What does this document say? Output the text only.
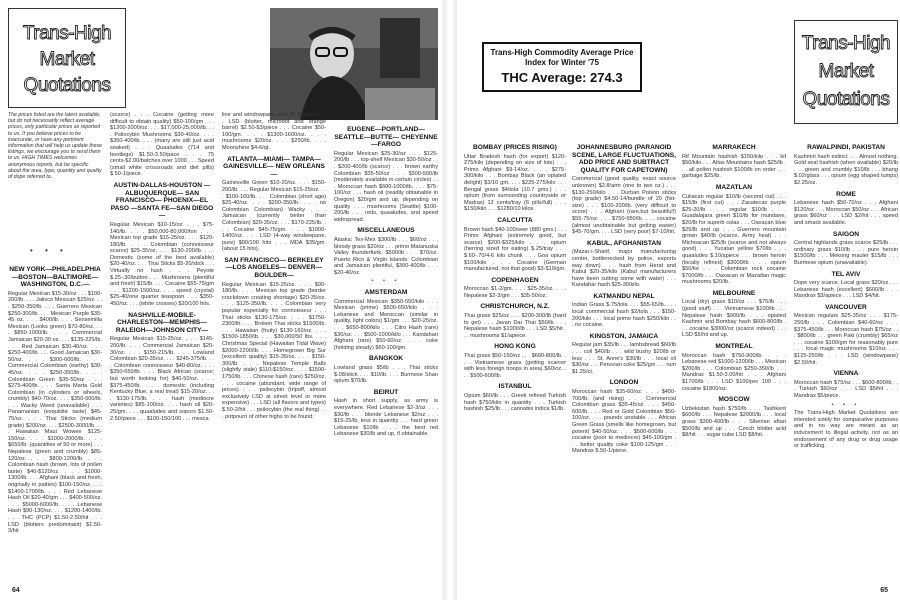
Trans-High
Market
Quotations

The prices listed are the latest available, but do not necessarily reflect average prices, only particular prices as reported to us. If you believe prices to be inaccurate, or have any pertinent information that will help us update these listings, we encourage you to send them to us. HIGH TIMES welcomes anonymous reports, but be specific about the area, type, quantity and quality of dope referred to.

• • •
NEW YORK—PHILADELPHIA —BOSTON—BALTIMORE— WASHINGTON, D.C.—
Regular Mexican $15-30/oz . . . $100-200/lb. . . . Jalisco Mexican $25/oz. . . . $250-350/lb. . . . Guerrero Mexican $250-300/lb. . . . Mexican Purple $35-45 oz. . . . $400/lb. . . . Sensemilla Mexican (Looks green) $70-80/oz. . . . $850-1000/lb. . . . Commercial Jamaican $20-30 oz. . . . $135-225/lb. . . . Red Jamaican $30-40/oz. . . . $250-400/lb. . . . Good Jamaican $30-50/oz. . . . $300-600/lb. . . . Commercial Colombian (earthy) $30-45/oz. . . . $250-350/lb. . . . Colombian Green $35-50/oz . . . $275-400/lb. . . . Santa Marta Gold Colombian (in cylinders or wheels, crumbly) $40-70/oz. . . . $350-500/lb. . . . Wacky Weed (unavailable) . . . Panamanian (exquisite taste) $45-75/oz. . . . Thai Sticks (medium grade) $200/oz. . . . $2500-3000/lb. . . . Hawaiian Maui Wowee $125-150/oz. . . . $1000-2000/lb. . . . $650/lb. (quantities of 50 or more) . . . Nepalese (green and crumbly) $85-120/oz. . . . $800-1200/lb. . . . Colombian hash (brown, lots of pollen taste) $40-$120/oz. . . . $1000-1300/lb. . . . Afghani (black and fresh, originally in patties) $100-150/oz. . . . $1400-1700/lb. . . . Red Lebanese Hash Oil $20-40/gm . . . $400-500/oz. . . . $5000-6000/lb. . . . Lebanese Hash $90-130/oz. . . . $1200-1400/lb. . . . THC (PCP) $1.50-2.50/hit . . . LSD (blotters predominant) $1.50-3/hit
(scarce) . . . Cocaine (getting more difficult to obtain quality) $50-100/gm . . . $1200-2000/oz. . . . $17,000-25,000/lb. . . . Psilocybin Mushrooms $30-40/oz. . . . $350-400/lb. . . . (many are still just acid soaked) . . . Quaaludes (714 and bootlegs) $1.50-3.50/pace . . . 75 cents-$2.00/batches over 1000 . . . Speed (small white crossroads and diet pills) $.50-1/piece.
AUSTIN-DALLAS-HOUSTON —ALBUQUERQUE— SAN FRANCISCO— PHOENIX—EL PASO —SANTA FE—SAN DIEGO—
Regular Mexican $10-15/oz. . . . $75-140/lb. . . . $50,000-80,000/ton . . . Mexican top grade $15-25/oz. . . . $120-180/lb. . . . Colombian (connoisseur scarce) $25-35/oz, . . . $130-200/lb. . . . Domestic (some of the best available) $20-40/oz. . . . Thai Sticks $5-20/stick . . . Virtually no hash . . . Peyote $.25-.30/button . . . Mushrooms (plentiful and fresh) $15/lb. . . . Cocaine $55-75/gm . . . $1200-1500/oz. . . . speed (crystal) $25-40/one quarter teaspoon . . . $350-450/oz. . . . (white crosses) $20/100 hits.
NASHVILLE-MOBILE- CHARLESTON—MEMPHIS— RALEIGH—JOHNSON CITY—
Regular Mexican $15-25/oz. . . . $145-200/lb. . . . Commercial Jamaican $20-30/oz. . . . $150-215/lb. . . . Lowland Colombian $20-35/oz. . . . $245-375/lb. . . . Colombian connoisseur $40-80/oz. . . . $350-650/lb. . . . Black African (scarce; but worth looking for) $40-50/oz. . . . $375-450/lb. . . . domestic (including Kentucky Blue, a real treat) $15-20/oz. . . . $130-175/lb. . . . hash (mediocre varieties) $85-100/oz. . . . hash oil $20-25/gm. . . . quaaludes and sopors $1.50-2.50/piece . . . $100-150/100 . . . mesca
line and windowpane acid $2-$3/piece . . . LSD (blotter, microdot and orange barrel) $2.50-$3/piece . . . Cocaine $50-100/gm. . . . $1300-1600/oz. . . . mushrooms $20/oz. . . . $250/lb. . . . Moonshine $4-6/qt.
ATLANTA—MIAMI— TAMPA—GAINESVILLE— NEW ORLEANS—
Gainesville Green $10-20/oz. . . . $150-200/lb. . . . Regular Mexican $15-25/oz. . . . $100-160/lb. . . . Colombian (short age) $25-40/oz. . . . $200-350/lb. . . . no Colombian Colombian) Wacky . . . Jamaican (currently better than Colombian) $20-35/oz. . . . $170-225/lb. . . . Cocaine $45-75/gm. . . . $1000-1400/oz. . . . LSD (4-way windowpane, pure) $90/100 hits . . . MDA $35/gm. (about 15 hits).
SAN FRANCISCO— BERKELEY—LOS ANGELES— DENVER—BOULDER—
Regular Mexican $15-25/oz. . . . $90-180/lb. . . . Mexican top grade (border crackdown creating shortage) $20-35/oz. . . . $125-350/lb. . . . Colombian very popular especially for connoisseur . . . Thai sticks $130-175/oz. . . . $1750-2300/lb. . . . Broken Thai sticks $1500/lb. . . . Hawaiian (fruity) $130-160/oz. . . . $1500-1850/lb. . . . $30,000/50 lbs. . . . Christmas Special (Hawaiian Tidal Wave) $2000-2200/lb. . . . Homegrown Big Sur (excellent quality) $15-35/oz. . . . $150-300/lb. . . . Nepalese Temple Balls (slightly stale) $110-$150/oz. . . . $1500-1750/lb. . . . Chinese hash (rare) $250/oz. . . . cocaine (abundant, wide range of prices) . . . psilocybin (tripoff, almost exclusively LSD at street level or more expensive) . . . LSD (all flavors and types) $.50-2/hit . . . psilocybin (the real thing) . . . potpourri of other highs to be found.
EUGENE—PORTLAND— SEATTLE—BUTTE— CHEYENNE—FARGO
Regular Mexican $25-30/oz . . . $125-200/lb . . . top-shelf Mexican $30-50/oz . . . $200-400/lb (scarce) . . . brown earthy Colombian $35-50/oz . . . $300-500/lb (moderately available in certain circles) . . . Moroccan hash $600-1000/lb. . . . $75-100/oz . . . hash oil (readily obtainable in Oregon) $20/gm and up, depending on quality . . . mushrooms (Seattle) $100-200/lb . . . reds, quaaludes, and speed widespread.
MISCELLANEOUS
Alaska: Tex-Mex $300/lb . . . $60/oz . . . bloody grass $20/oz . . . primo Matanuska Valley thunderfunk, $500/lb . . . $70/oz. Puerto Rico & Virgin Islands: Colombian and Jamaican plentiful, $300-400/lb . . . $20-40/oz.
• • •
AMSTERDAM
Commercial Mexican $350-550/kilo . . . Mexican (prime) $500-650/kilo . . . Lebanese and Moroccan (similar in quality, light colors) $1/gm . . . $20-25/oz. . . . $650-800/kilo . . . Citro Hash (rare) $30/oz. . . . $500-1000/kilo . . . Kandahari Afghani (rare) $50-60/oz. . . . coke (holding steady) $60-100/gm.
BANGKOK
Lowland grass $5/lb . . . Thai sticks $.08/stick . . . $10/lb. . . . Burmese Shan opium $70/lb.
BEIRUT
Hash in short supply, as army is everywhere. Red Lebanese $2-3/oz . . . $30/lb . . . blonde Lebanese $2/oz . . . $15-25/lb, less in quantity . . . hard green Lebanese $10/lb . . . the best red Lebanese $30/lb and up, if obtainable.
64
Trans-High Commodity Average Price Index for Winter '75
THC Average: 274.3
Trans-High
Market
Quotations
BOMBAY (PRICES RISING)
Uttar Bradesh hash (for export) $120-275/kilo (depending on size of lots) . . . Primo Afghani $9-14/oz. . . . $275-300/kilo . . . Bombay Black (an opiated delight) $3/10 gm. . . . $225-275/kilo . . . Bengal grass $4/tola (10.7 gms.) . . . opium (from surrounding countryside or Madras) 12 cents/tray (6 pills/full) . . . $150/kilo . . . $1280/10 kilos.
CALCUTTA
Brown hash $40-100/seer (880 gms.) . . . Primo Afghani (extremely good, but scarce) $200-$325/kilo . . . opium (herring sized for eating) $.25/tray . . . $.60-.70/4-6 kilo chunk . . . Goa opium $100/kilo . . . Cocaine (German manufactured, not that good) $3-$10/gm.
COPENHAGEN
Moroccan $1-2/gm. . . . $25-35/oz. . . . Nepalese $2-3/gm . . . $35-50/oz.
CHRISTCHURCH, N.Z.
Thai grass $25/oz . . . $200-300/lb (hard to get) . . . Javan Dar Thai $50/lb . . . Nepalese hash $1000/lb . . . LSD $5/hit . . . mushrooms $1/apiece.
HONG KONG
Thai grass $50-150/oz . . . $600-800/lb. . . . Vietnamese grass (getting scarcer with less foreign troops in area) $60/oz. . . . $500-600/lb.
ISTANBUL
Opium $60/lb . . . Greek refined Turkish hash $750/kilo in quantity . . . Turkish hashish $25/lb . . . cannabis indica $1/lb.
JOHANNESBURG (PARANOID SCENE, LARGE FLUCTUATIONS, ADD PRICE AND SUBTRACT QUALITY FOR CAPETOWN)
Commercial (good quality, exact source unknown) $2.8/arm (one to two oz.) . . . $130-250/kilo . . . Durban Poison sticks (top grade) $4.50-14/bundle of 20 (fist-size) . . . $100-200/lb. (very difficult to score) . . . Afghani (rare,but beautiful!) $55-75/oz. . . . $750-950/lb. . . . cocaine (almost unobtainable but getting easier) $45-70/gm. . . . LSD (very poor) $7-10/hit.
KABUL, AFGHANISTAN
(Mazar-i-Sharif, major manufacturing center, bottlenecked by police, exports way down) . . . hash from Herat and Kabul $20-35/kilo (Kabul manufacturers have been cutting some with water) . . . Kandahar hash $25-30/kilo.
KATMANDU NEPAL
Indian Grass $.75/tola . . . $55-65/lb. . . . local commercial hash $2/tola . . . $150-200/kilo . . . local primo hash $250/kilo . . . no cocaine.
KINGSTON, JAMAICA
Regular jam $35/lb . . . lambsbread $60/lb . . . coil $40/lb . . . wild bushy $20/lb or less . . . St. Anne's $30/lb . . . local oil $30/oz . . . Peruvian coke $25/gm . . . rum $1.25/ct.
LONDON
Moroccan hash $35-60/oz. . . . $450-700/lb. (and rising) . . . Commercial Colombian grass $35-45/oz. . . . $450-600/lb. . . . Red or Gold Colombian $50-100/oz. . . . pounds unstable . . . African Green Grass (smells like homegrown, but potent) $40-50/oz. . . . $500-600/lb . . . cocaine (poor to mediocre) $45-100/gm . . . better quality coke $100-125/gm . . . Mandrax $.50-1/piece.
MARRAKECH
Rif Mountain hashish $150/kilo . . . kif $50/kilo . . . Atlas Mountains hash $25/lb . . . all pollen hashish $100/lb on order . . . garbage $25/lb.
MAZATLAN
Culiacan regular $10/lb (second cut) . . . $15/lb (first cut) . . . Zacatecas purple $25-20/lb . . . regular $10/lb . . . Guadalajara green $10/lb for mundane, $20/lb for superb colas . . . Oaxacan blue $25/lb and up . . . Guerrero mountain grown $40/lb (scarce, Army heat) . . . Michoacan $25/lb (scarce and not always good) . . . Yucatan yellow $70/lb . . . quaaludes $.10/apiece . . . brown heroin (locally refined) $3000/lb . . . opium $50/lot . . . Colombian rock cocaine $7000/lb . . . Oaxacan or Mazatlan magic mushrooms $20/lb.
MELBOURNE
Local (dry) grass $10/oz . . . $75/lb . . . (good stuff) . . . Vietnamese $100/lb . . . Nepalese hash $900/lb . . . opiated Kashmir and Bombay hash $600-800/lb . . . cocaine $3000/oz (scarce indeed) . . . LSD $5/hit and up.
MONTREAL
Moroccan hash $750-900/lb . . . Lebanese red $1000-1200/lb . . . Mexican $200/lb . . . Colombian $250-350/lb . . . Mandrax $1.50-3.00/hit . . . Afghani $1700/lb . . . LSD $100/per 100 . . . cocaine $1800/oz.
MOSCOW
Uzbekistan hash $750/lb . . . Tashkent $600/lb . . . Nepalese $2000/lb . . . local grass $300-400/lb . . . Siberian aftan $500/lb and up . . . Czech blotter acid $8/hit . . . sugar cube LSD $8/hit.
RAWALPINDI, PAKISTAN
Kashmiri hash extinct . . . Almost nothing. Gold seal hashish (when available) $20/lb . . . green and crumbly $10/lb . . . bhang $.02/glass . . . opium (egg shaped lumps) $2.25/oz.
ROME
Lebanese hash $50-70/oz . . . Afghani $120/oz . . . Moroccan $50/oz . . . African grass $60/oz . . . LSD $2/hit . . . speed and smack available.
SAIGON
Central highlands grass scarce $25/lb . . . ordinary grass $10/lb . . . pure heroin $1500/lb . . . Mekong mauler $15/lb . . . Burmese opium (unavailable).
TEL AVIV
Dope very scarce. Local grass $20/oz . . . Lebanese hash (excellent) $600/lb . . . Mandrax $3/apiece . . . LSD $4/hit.
VANCOUVER
Mexican regulars $25-35/oz . . . $175-250/lb . . . Colombian $40-60/oz . . . $375-450/lb . . . Moroccan hash $75/oz . . . $800/lb . . . green Paki (crumbly) $65/oz . . . cocaine $100/gm for reasonably pure . . . local magic mushrooms $10/oz . . . $125-250/lb . . . LSD (windowpane) $2.50/hit.
VIENNA
Moroccan hash $75/oz . . . $600-800/lb . . . Turkish $60/oz . . . LSD $5/hit . . . Mandrax $5/piece.
• • •
The Trans-High Market Quotations are intended solely for comparative purposes and in no way are meant as an inducement to illegal activity, not as an endorsement of any drug or drug usage or trafficking.
65
